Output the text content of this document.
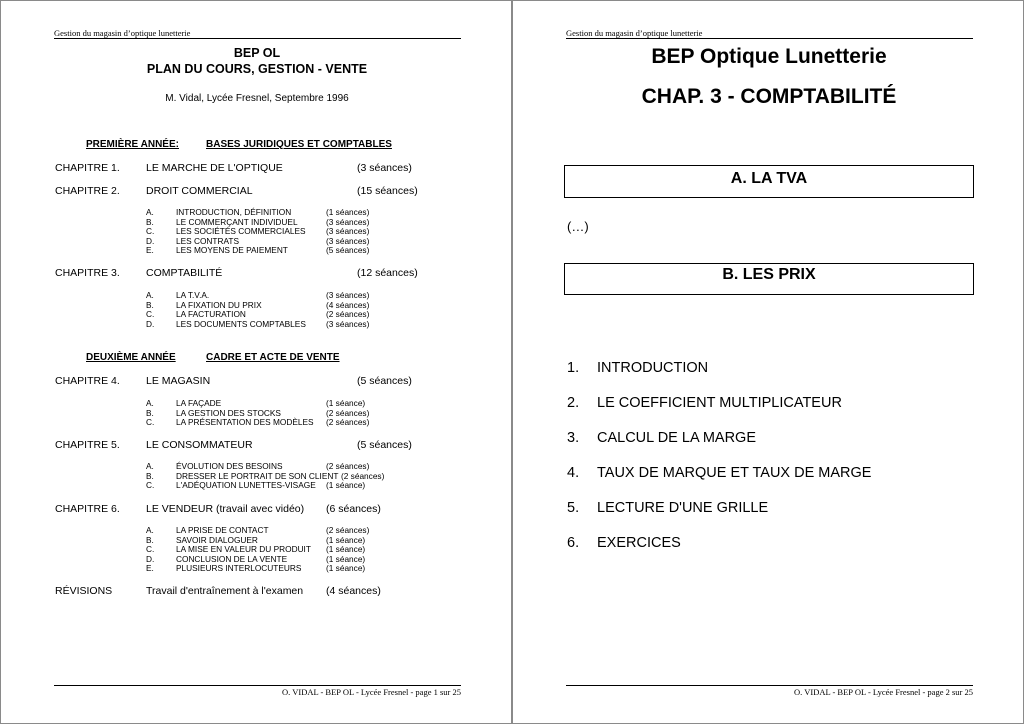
Gestion du magasin d’optique lunetterie
BEP OL
PLAN DU COURS, GESTION - VENTE
M. Vidal, Lycée Fresnel, Septembre 1996
PREMIÈRE ANNÉE:	BASES JURIDIQUES ET COMPTABLES
DEUXIÈME ANNÉE	CADRE ET ACTE DE VENTE
CHAPITRE 1. LE MARCHE DE L'OPTIQUE	(3 séances)
CHAPITRE 2. DROIT COMMERCIAL	(15 séances)
A.	INTRODUCTION, DÉFINITION	(1 séances)
B.	LE COMMERÇANT INDIVIDUEL	(3 séances)
C.	LES SOCIÉTÉS COMMERCIALES (3 séances)
D.	LES CONTRATS	(3 séances)
E.	LES MOYENS DE PAIEMENT	(5 séances)
CHAPITRE 3. COMPTABILITÉ	(12 séances)
A.	LA T.V.A.	(3 séances)
B.	LA FIXATION DU PRIX	(4 séances)
C.	LA FACTURATION	(2 séances)
D.	LES DOCUMENTS COMPTABLES (3 séances)
CHAPITRE 4. LE MAGASIN	(5 séances)
A.	LA FAÇADE	(1 séance)
B.	LA GESTION DES STOCKS	(2 séances)
C.	LA PRÉSENTATION DES MODÈLES (2 séances)
CHAPITRE 5. LE CONSOMMATEUR	(5 séances)
A.	ÉVOLUTION DES BESOINS	(2 séances)
B.	DRESSER LE PORTRAIT DE SON CLIENT (2 séances)
C.	L'ADÉQUATION LUNETTES-VISAGE (1 séance)
CHAPITRE 6. LE VENDEUR (travail avec vidéo) (6 séances)
A.	LA PRISE DE CONTACT	(2 séances)
B.	SAVOIR DIALOGUER	(1 séance)
C.	LA MISE EN VALEUR DU PRODUIT (1 séance)
D.	CONCLUSION DE LA VENTE	(1 séance)
E.	PLUSIEURS INTERLOCUTEURS	(1 séance)
RÉVISIONS	Travail d'entraînement à l'examen (4 séances)
O. VIDAL - BEP OL - Lycée Fresnel - page 1 sur 25
Gestion du magasin d’optique lunetterie
BEP Optique Lunetterie
CHAP. 3 - COMPTABILITÉ
A. LA TVA
(…)
B. LES PRIX
1. INTRODUCTION
2. LE COEFFICIENT MULTIPLICATEUR
3. CALCUL DE LA MARGE
4. TAUX DE MARQUE ET TAUX DE MARGE
5. LECTURE D'UNE GRILLE
6. EXERCICES
O. VIDAL - BEP OL - Lycée Fresnel - page 2 sur 25
